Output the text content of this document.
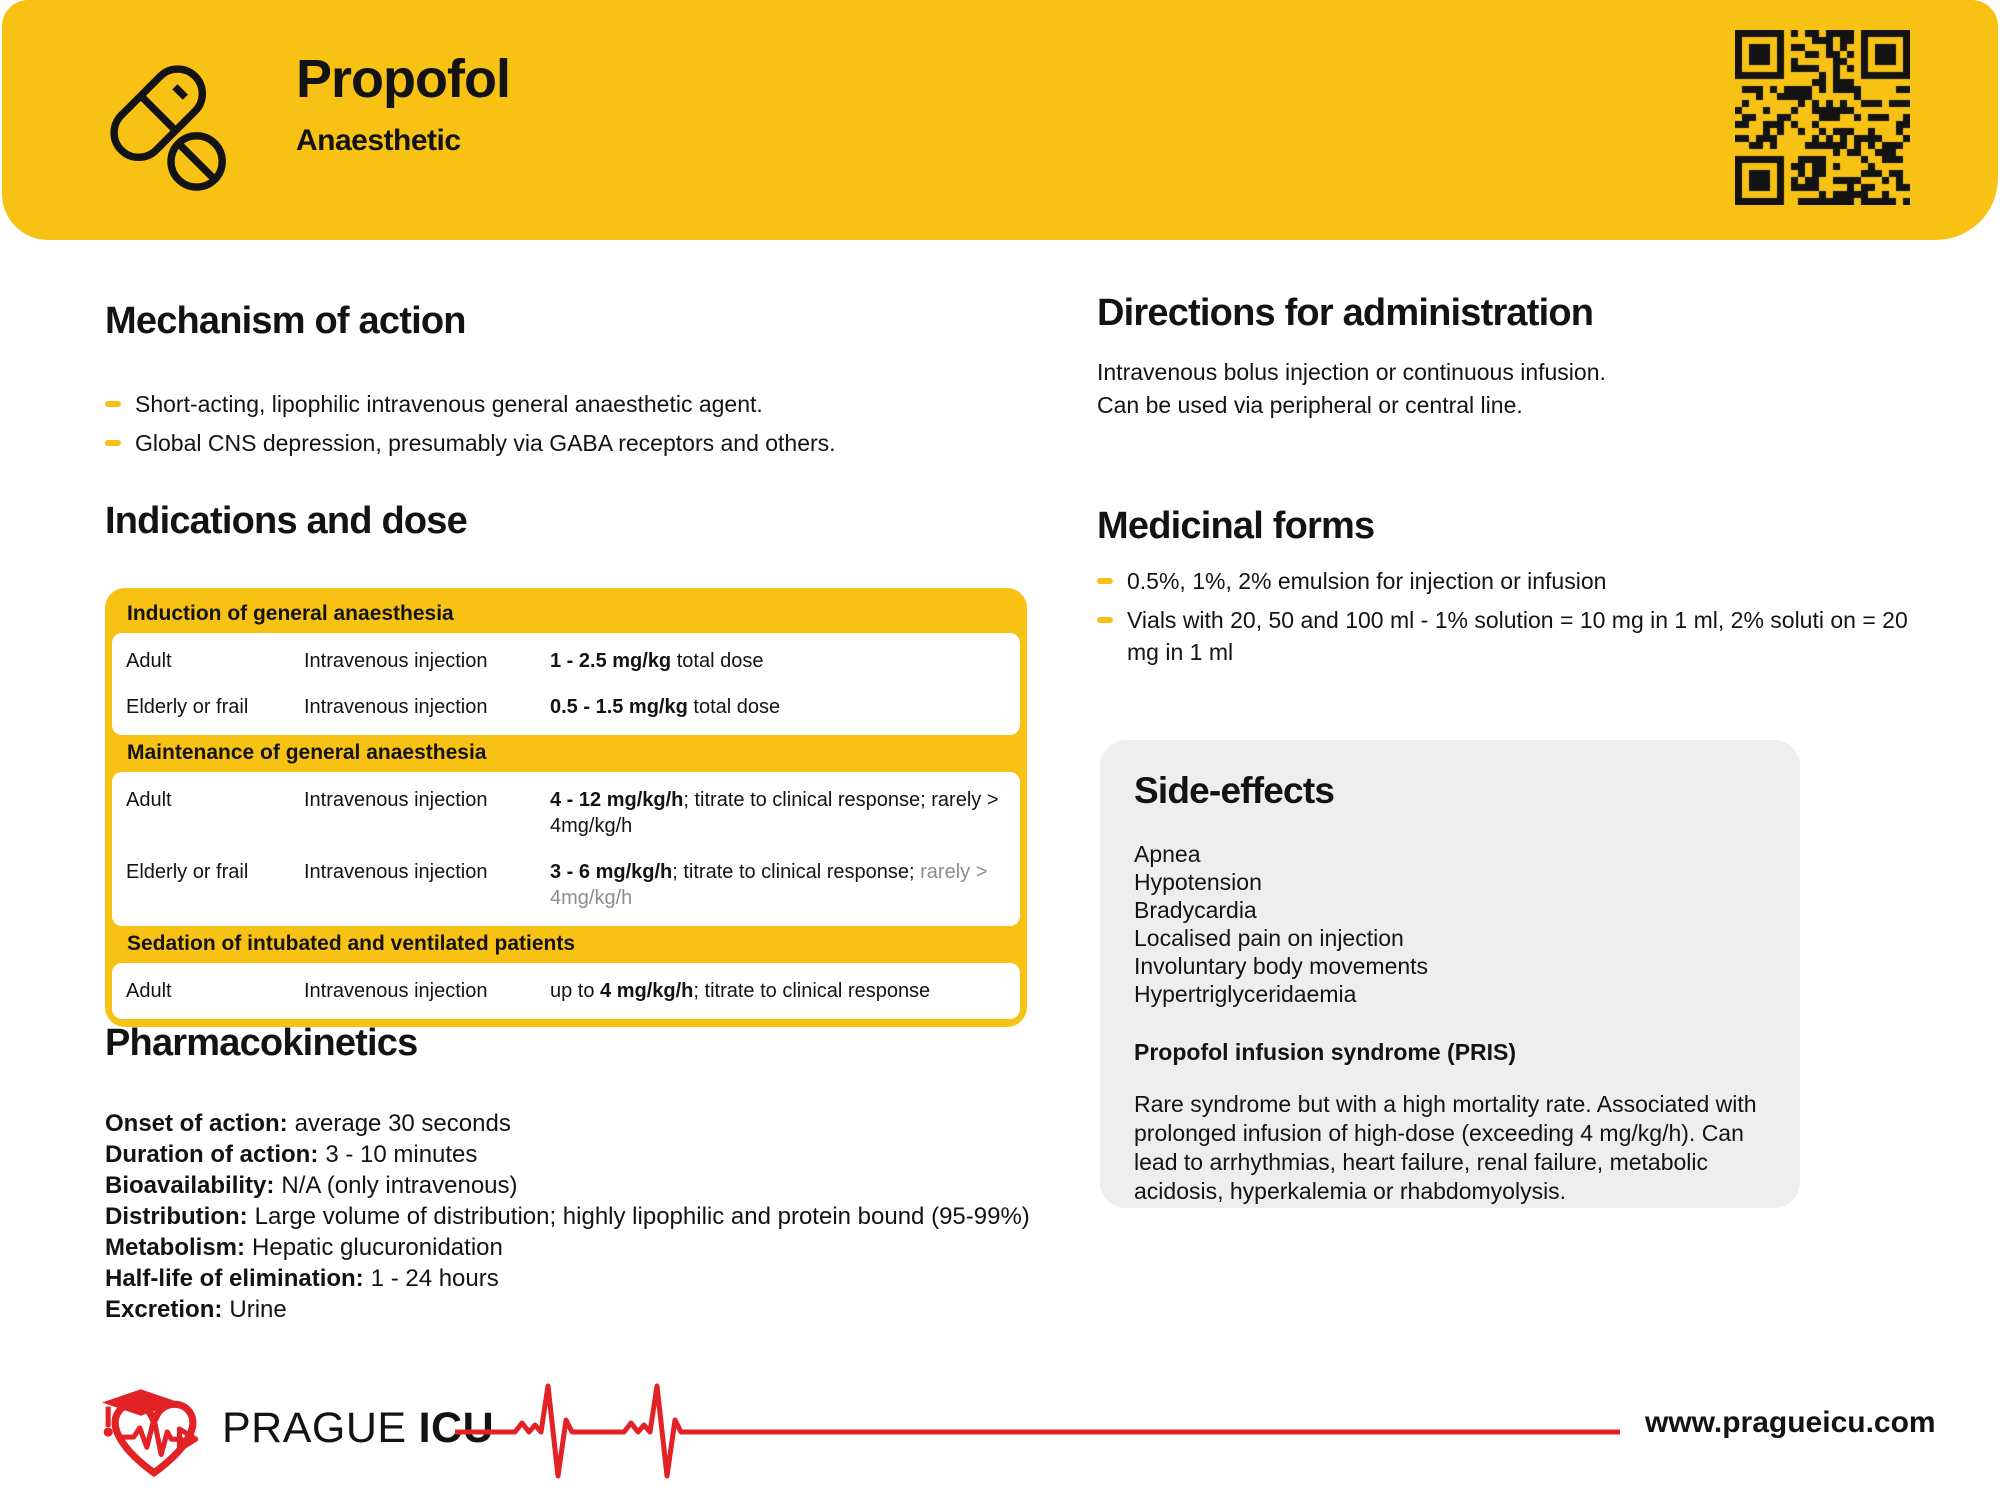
Propofol
Anaesthetic
Mechanism of action
Short-acting, lipophilic intravenous general anaesthetic agent.
Global CNS depression, presumably via GABA receptors and others.
Directions for administration
Intravenous bolus injection or continuous infusion.
Can be used via peripheral or central line.
Indications and dose
Induction of general anaesthesia
Adult	Intravenous injection	1 - 2.5 mg/kg total dose
Elderly or frail	Intravenous injection	0.5 - 1.5 mg/kg total dose
Maintenance of general anaesthesia
Adult	Intravenous injection	4 - 12 mg/kg/h; titrate to clinical response; rarely > 4mg/kg/h
Elderly or frail	Intravenous injection	3 - 6 mg/kg/h; titrate to clinical response; rarely > 4mg/kg/h
Sedation of intubated and ventilated patients
Adult	Intravenous injection	up to 4 mg/kg/h; titrate to clinical response
Medicinal forms
0.5%, 1%, 2% emulsion for injection or infusion
Vials with 20, 50 and 100 ml - 1% solution = 10 mg in 1 ml, 2% soluti on = 20 mg in 1 ml
Pharmacokinetics
Onset of action: average 30 seconds
Duration of action: 3 - 10 minutes
Bioavailability: N/A (only intravenous)
Distribution: Large volume of distribution; highly lipophilic and protein bound (95-99%)
Metabolism: Hepatic glucuronidation
Half-life of elimination: 1 - 24 hours
Excretion: Urine
Side-effects
Apnea
Hypotension
Bradycardia
Localised pain on injection
Involuntary body movements
Hypertriglyceridaemia
Propofol infusion syndrome (PRIS)
Rare syndrome but with a high mortality rate. Associated with prolonged infusion of high-dose (exceeding 4 mg/kg/h). Can lead to arrhythmias, heart failure, renal failure, metabolic acidosis, hyperkalemia or rhabdomyolysis.
PRAGUE ICU	www.pragueicu.com
